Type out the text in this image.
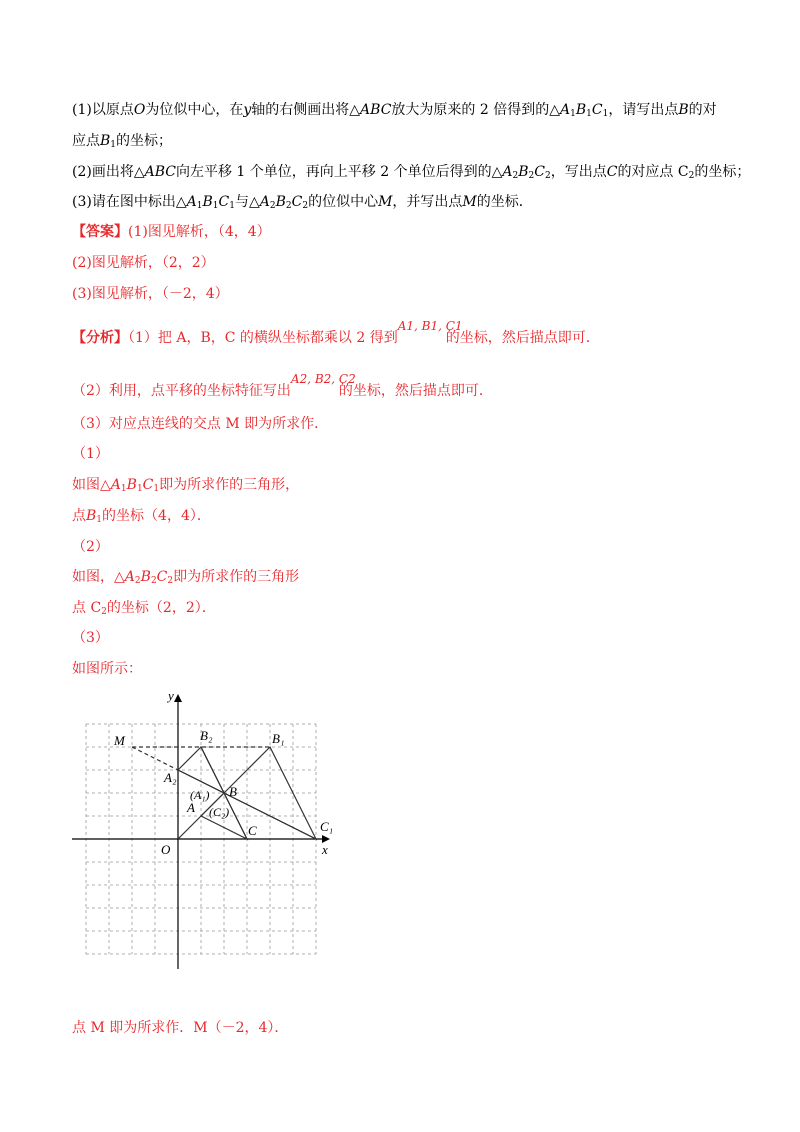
(1)以原点O为位似中心，在y轴的右侧画出将△ABC放大为原来的 2 倍得到的$\triangle A_1B_1C_1$，请写出点B的对
应点$B_1$的坐标；
(2)画出将△ABC向左平移 1 个单位，再向上平移 2 个单位后得到的$\triangle A_2B_2C_2$，写出点C的对应点 $C_2$的坐标；
(3)请在图中标出$\triangle A_1B_1C_1$与$\triangle A_2B_2C_2$的位似中心M，并写出点M的坐标．
【答案】(1)图见解析，（4，4）
(2)图见解析，（2，2）
(3)图见解析，（－2，4）
【分析】（1）把 A，B，C 的横纵坐标都乘以 2 得到
A1, B1, C1
的坐标，然后描点即可．
（2）利用，点平移的坐标特征写出
A2, B2, C2
的坐标，然后描点即可．
（3）对应点连线的交点 M 即为所求作．
（1）
如图$\triangle A_1B_1C_1$即为所求作的三角形，
点$B_1$的坐标（4，4）．
（2）
如图，$\triangle A_2B_2C_2$即为所求作的三角形
点 $C_2$的坐标（2，2）．
（3）
如图所示：
y
x
O
M	B₂	B₁
A₂
(A₁) B
A (C₂)
C	C₁
点 M 即为所求作．M（－2，4）．
